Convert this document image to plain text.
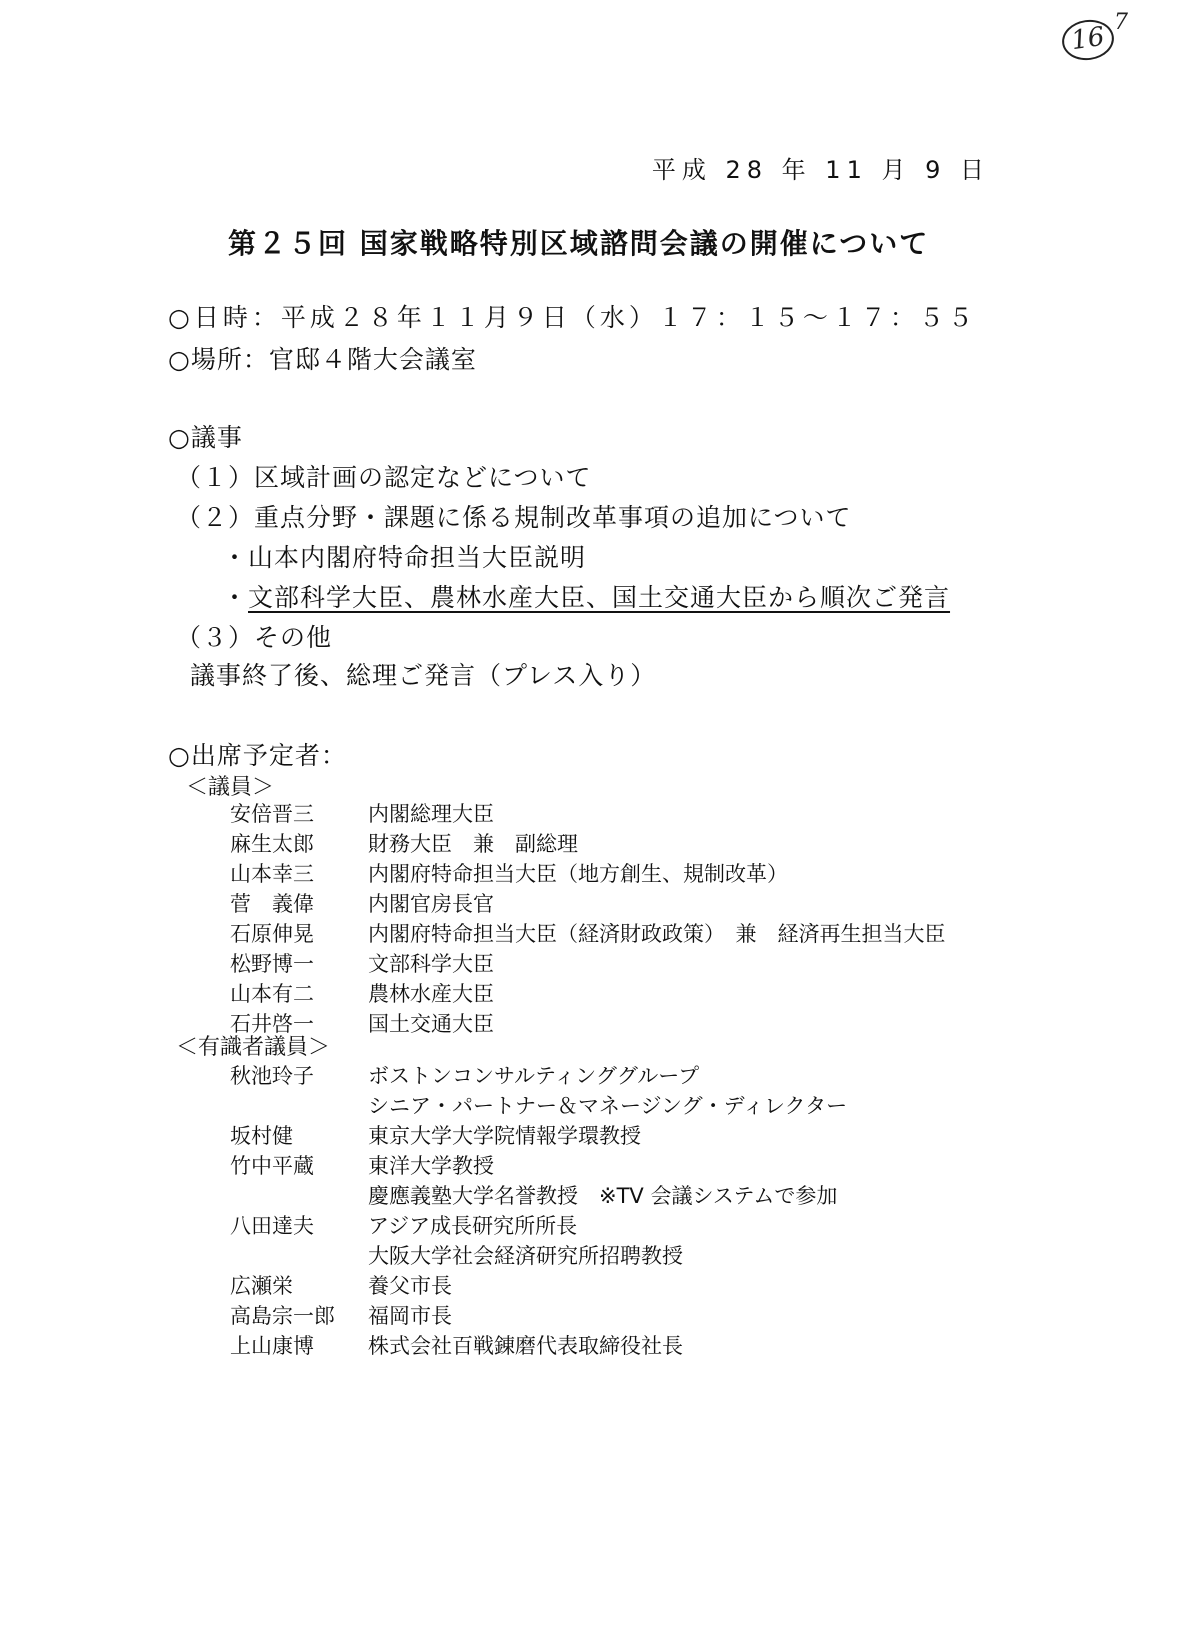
16 7
平成 28 年 11 月 9 日
第２５回 国家戦略特別区域諮問会議の開催について
○日時：平成２８年１１月９日（水）１７：１５～１７：５５
○場所：官邸４階大会議室
○議事
（１）区域計画の認定などについて
（２）重点分野・課題に係る規制改革事項の追加について
・山本内閣府特命担当大臣説明
・文部科学大臣、農林水産大臣、国土交通大臣から順次ご発言
（３）その他
議事終了後、総理ご発言（プレス入り）
○出席予定者：
＜議員＞
安倍晋三	内閣総理大臣
麻生太郎	財務大臣　兼　副総理
山本幸三	内閣府特命担当大臣（地方創生、規制改革）
菅　義偉	内閣官房長官
石原伸晃	内閣府特命担当大臣（経済財政政策）　兼　経済再生担当大臣
松野博一	文部科学大臣
山本有二	農林水産大臣
石井啓一	国土交通大臣
＜有識者議員＞
秋池玲子	ボストンコンサルティンググループ
シニア・パートナー＆マネージング・ディレクター
坂村健	東京大学大学院情報学環教授
竹中平蔵	東洋大学教授
慶應義塾大学名誉教授　※TV 会議システムで参加
八田達夫	アジア成長研究所所長
大阪大学社会経済研究所招聘教授
広瀬栄	養父市長
高島宗一郎 福岡市長
上山康博	株式会社百戦錬磨代表取締役社長
